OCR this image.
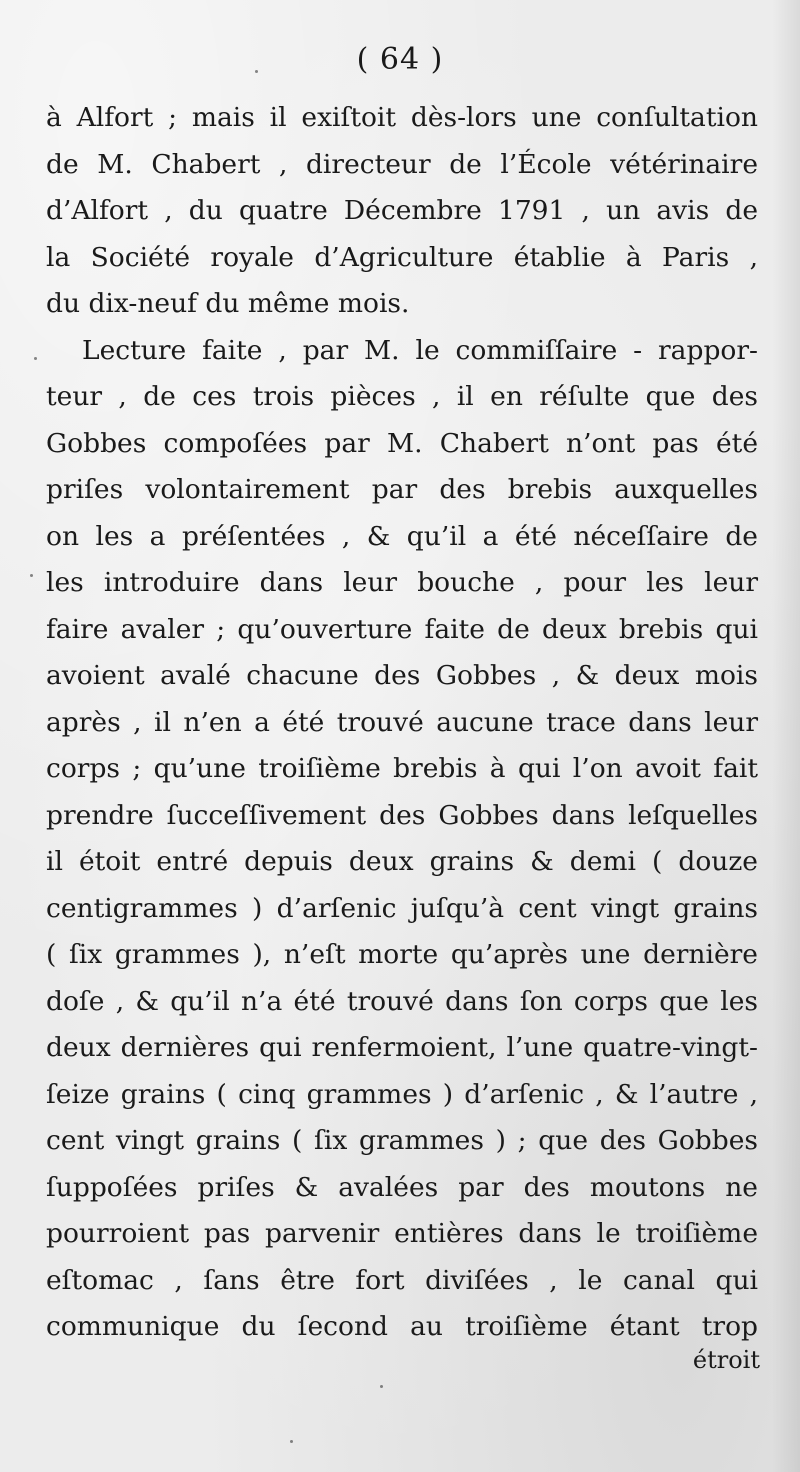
( 64 )
à Alfort ; mais il exiſtoit dès-lors une conſultation
de M. Chabert , directeur de l’École vétérinaire
d’Alfort , du quatre Décembre 1791 , un avis de
la Société royale d’Agriculture établie à Paris ,
du dix-neuf du même mois.
Lecture faite , par M. le commiſſaire - rappor-
teur , de ces trois pièces , il en réſulte que des
Gobbes compoſées par M. Chabert n’ont pas été
priſes volontairement par des brebis auxquelles
on les a préſentées , & qu’il a été néceſſaire de
les introduire dans leur bouche , pour les leur
faire avaler ; qu’ouverture faite de deux brebis qui
avoient avalé chacune des Gobbes , & deux mois
après , il n’en a été trouvé aucune trace dans leur
corps ; qu’une troiſième brebis à qui l’on avoit fait
prendre ſucceſſivement des Gobbes dans leſquelles
il étoit entré depuis deux grains & demi ( douze
centigrammes ) d’arſenic juſqu’à cent vingt grains
( ſix grammes ), n’eſt morte qu’après une dernière
doſe , & qu’il n’a été trouvé dans ſon corps que les
deux dernières qui renfermoient, l’une quatre-vingt-
ſeize grains ( cinq grammes ) d’arſenic , & l’autre ,
cent vingt grains ( ſix grammes ) ; que des Gobbes
ſuppoſées priſes & avalées par des moutons ne
pourroient pas parvenir entières dans le troiſième
eſtomac , ſans être fort diviſées , le canal qui
communique du ſecond au troiſième étant trop
étroit
